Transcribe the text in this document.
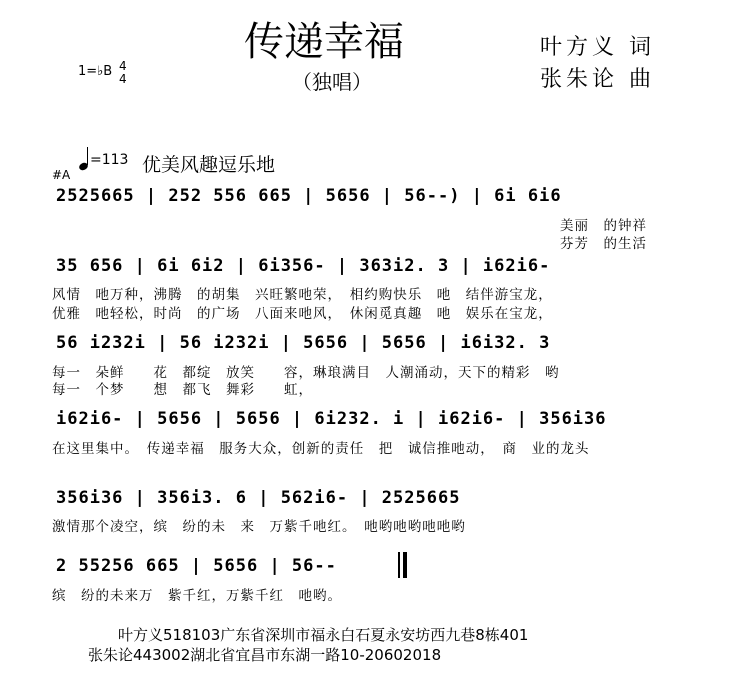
传递幸福
（独唱）
叶方义 词
张朱论 曲
1=♭B 4
4
#A
=113 优美风趣逗乐地
2525665 | 252 556 665 | 5656 | 56--) | 6i 6i6
美丽　的钟祥
芬芳　的生活
35 656 | 6i 6i2 | 6i356- | 363i2. 3 | i62i6-
风情　吔万种，沸腾　的胡集　兴旺繁吔荣，　相约购快乐　吔　结伴游宝龙，
优雅　吔轻松，时尚　的广场　八面来吔风，　休闲觅真趣　吔　娱乐在宝龙，
56 i232i | 56 i232i | 5656 | 5656 | i6i32. 3
每一　朵鲜　　花　都绽　放笑　　容，琳琅满目　人潮涌动，天下的精彩　哟
每一　个梦　　想　都飞　舞彩　　虹，
i62i6- | 5656 | 5656 | 6i232. i | i62i6- | 356i36
在这里集中。　传递幸福　服务大众，创新的责任　把　诚信推吔动，　商　业的龙头
356i36 | 356i3. 6 | 562i6- | 2525665
激情那个凌空，缤　纷的未　来　万紫千吔红。　吔哟吔哟吔吔哟
2 55256 665 | 5656 | 56--
缤　纷的未来万　紫千红，万紫千红　吔哟。
叶方义518103广东省深圳市福永白石夏永安坊西九巷8栋401
张朱论443002湖北省宜昌市东湖一路10-20602018
